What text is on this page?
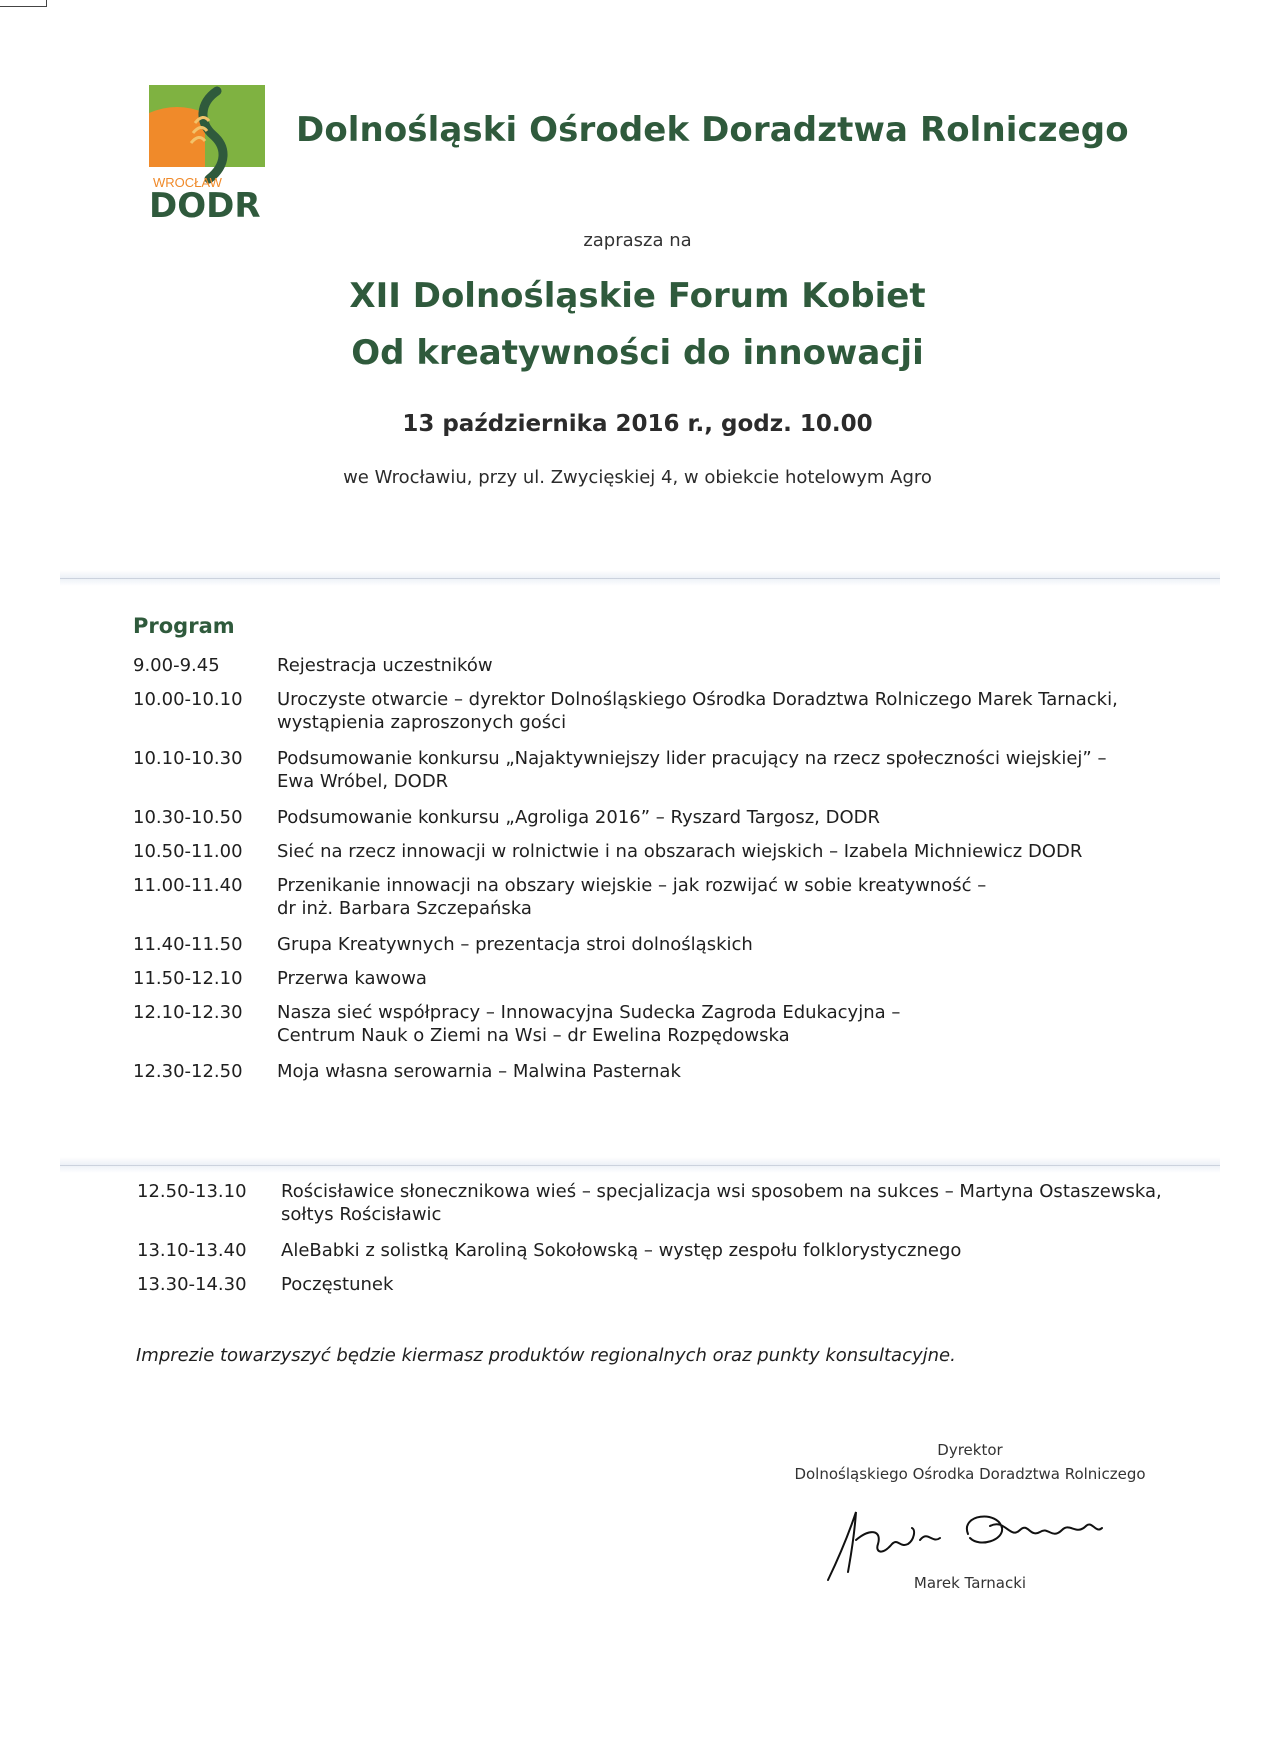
WROCŁAW
DODR
Dolnośląski Ośrodek Doradztwa Rolniczego
zaprasza na
XII Dolnośląskie Forum Kobiet
Od kreatywności do innowacji
13 października 2016 r., godz. 10.00
we Wrocławiu, przy ul. Zwycięskiej 4, w obiekcie hotelowym Agro
Program
9.00-9.45	Rejestracja uczestników
10.00-10.10	Uroczyste otwarcie – dyrektor Dolnośląskiego Ośrodka Doradztwa Rolniczego Marek Tarnacki,
wystąpienia zaproszonych gości
10.10-10.30	Podsumowanie konkursu „Najaktywniejszy lider pracujący na rzecz społeczności wiejskiej” –
Ewa Wróbel, DODR
10.30-10.50	Podsumowanie konkursu „Agroliga 2016” – Ryszard Targosz, DODR
10.50-11.00	Sieć na rzecz innowacji w rolnictwie i na obszarach wiejskich – Izabela Michniewicz DODR
11.00-11.40	Przenikanie innowacji na obszary wiejskie – jak rozwijać w sobie kreatywność –
dr inż. Barbara Szczepańska
11.40-11.50	Grupa Kreatywnych – prezentacja stroi dolnośląskich
11.50-12.10	Przerwa kawowa
12.10-12.30	Nasza sieć współpracy – Innowacyjna Sudecka Zagroda Edukacyjna –
Centrum Nauk o Ziemi na Wsi – dr Ewelina Rozpędowska
12.30-12.50	Moja własna serowarnia – Malwina Pasternak
12.50-13.10	Rościsławice słonecznikowa wieś – specjalizacja wsi sposobem na sukces – Martyna Ostaszewska,
sołtys Rościsławic
13.10-13.40	AleBabki z solistką Karoliną Sokołowską – występ zespołu folklorystycznego
13.30-14.30	Poczęstunek
Imprezie towarzyszyć będzie kiermasz produktów regionalnych oraz punkty konsultacyjne.
Dyrektor
Dolnośląskiego Ośrodka Doradztwa Rolniczego
Marek Tarnacki
